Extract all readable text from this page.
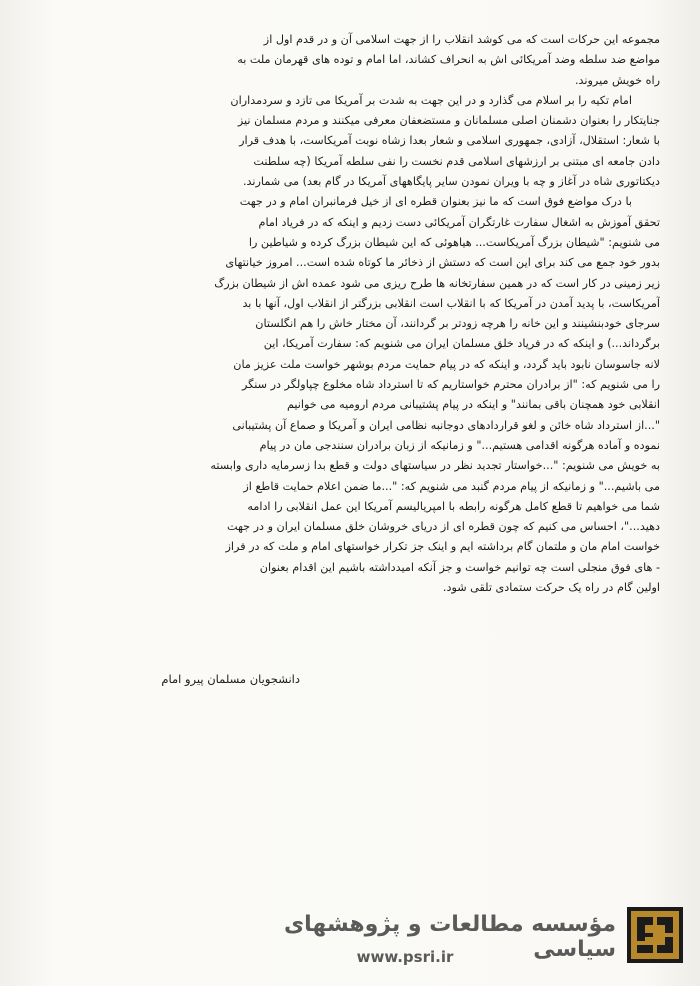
مجموعه این حرکات است که می کوشد انقلاب را از جهت اسلامی آن و در قدم اول از
مواضع ضد سلطه وضد آمریکائی اش به انحراف کشاند، اما امام و توده های قهرمان ملت به
راه خویش میروند.
امام تکیه را بر اسلام می گذارد و در این جهت به شدت بر آمریکا می تازد و سردمداران
جنایتکار را بعنوان دشمنان اصلی مسلمانان و مستضعفان معرفی میکنند و مردم مسلمان نیز
با شعار: استقلال، آزادی، جمهوری اسلامی و شعار بعدا زشاه نوبت آمریکاست، با هدف قرار
دادن جامعه ای مبتنی بر ارزشهای اسلامی قدم نخست را نفی سلطه آمریکا (چه سلطنت
دیکتاتوری شاه در آغاز و چه با ویران نمودن سایر پایگاههای آمریکا در گام بعد) می شمارند.
با درک مواضع فوق است که ما نیز بعنوان قطره ای از خیل فرمانبران امام و در جهت
تحقق آموزش به اشغال سفارت غارتگران آمریکائی دست زدیم و اینکه که در فریاد امام
می شنویم: "شیطان بزرگ آمریکاست... هیاهوئی که این شیطان بزرگ کرده و شیاطین را
بدور خود جمع می کند برای این است که دستش از ذخائر ما کوتاه شده است... امروز خیانتهای
زیر زمینی در کار است که در همین سفارتخانه ها طرح ریزی می شود عمده اش از شیطان بزرگ
آمریکاست، با پدید آمدن در آمریکا که با انقلاب است انقلابی بزرگتر از انقلاب اول، آنها با بد
سرجای خودبنشینند و این خانه را هرچه زودتر بر گردانند، آن مختار خاش را هم انگلستان
برگرداند...) و اینکه که در فریاد خلق مسلمان ایران می شنویم که: سفارت آمریکا، این
لانه جاسوسان نابود باید گردد، و اینکه که در پیام حمایت مردم بوشهر خواست ملت عزیز مان
را می شنویم که: "از برادران محترم خواستاریم که تا استرداد شاه مخلوع چپاولگر در سنگر
انقلابی خود همچنان باقی بمانند" و اینکه در پیام پشتیبانی مردم ارومیه می خوانیم
"...از استرداد شاه خائن و لغو قراردادهای دوجانبه نظامی ایران و آمریکا و صماع آن پشتیبانی
نموده و آماده هرگونه اقدامی هستیم..." و زمانیکه از زبان برادران سنندجی مان در پیام
به خویش می شنویم: "...خواستار تجدید نظر در سیاستهای دولت و قطع بدا زسرمایه داری وابسته
می باشیم..." و زمانیکه از پیام مردم گنبد می شنویم که: "...ما ضمن اعلام حمایت قاطع از
شما می خواهیم تا قطع کامل هرگونه رابطه با امپریالیسم آمریکا این عمل انقلابی را ادامه
دهید..."، احساس می کنیم که چون قطره ای از دریای خروشان خلق مسلمان ایران و در جهت
خواست امام مان و ملتمان گام برداشته ایم و اینک جز تکرار خواستهای امام و ملت که در فراز
- های فوق منجلی است چه توانیم خواست و جز آنکه امیدداشته باشیم این اقدام بعنوان
اولین گام در راه یک حرکت ستمادی تلقی شود.
دانشجویان مسلمان پیرو امام
مؤسسه مطالعات و پژوهشهای سیاسی
www.psri.ir
